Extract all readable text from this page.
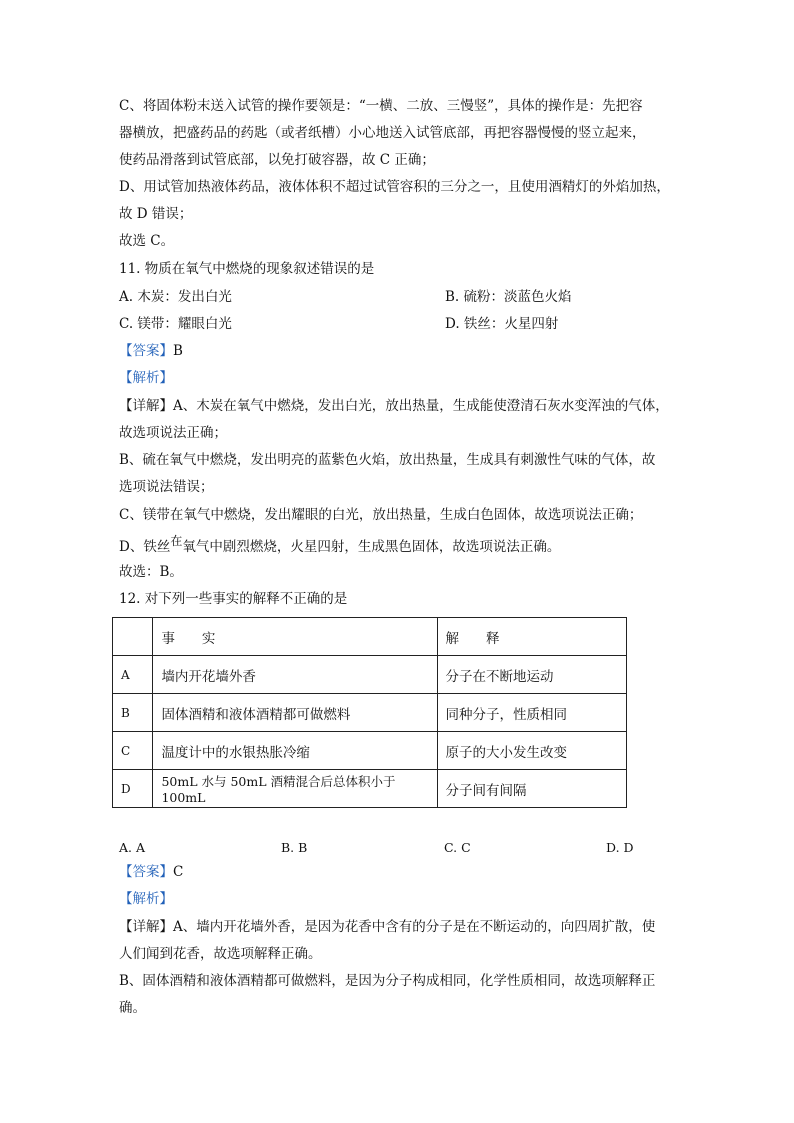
C、将固体粉末送入试管的操作要领是：“一横、二放、三慢竖”，具体的操作是：先把容
器横放，把盛药品的药匙（或者纸槽）小心地送入试管底部，再把容器慢慢的竖立起来，
使药品滑落到试管底部，以免打破容器，故 C 正确；
D、用试管加热液体药品，液体体积不超过试管容积的三分之一，且使用酒精灯的外焰加热，
故 D 错误；
故选 C。
11. 物质在氧气中燃烧的现象叙述错误的是
A. 木炭：发出白光	B. 硫粉：淡蓝色火焰
C. 镁带：耀眼白光	D. 铁丝：火星四射
【答案】B
【解析】
【详解】A、木炭在氧气中燃烧，发出白光，放出热量，生成能使澄清石灰水变浑浊的气体，
故选项说法正确；
B、硫在氧气中燃烧，发出明亮的蓝紫色火焰，放出热量，生成具有刺激性气味的气体，故
选项说法错误；
C、镁带在氧气中燃烧，发出耀眼的白光，放出热量，生成白色固体，故选项说法正确；
D、铁丝在氧气中剧烈燃烧，火星四射，生成黑色固体，故选项说法正确。
故选：B。
12. 对下列一些事实的解释不正确的是
	事　　实	解　　释
A	墙内开花墙外香	分子在不断地运动
B	固体酒精和液体酒精都可做燃料	同种分子，性质相同
C	温度计中的水银热胀冷缩	原子的大小发生改变
D	50mL 水与 50mL 酒精混合后总体积小于 100mL	分子间有间隔
A. A	B. B	C. C	D. D
【答案】C
【解析】
【详解】A、墙内开花墙外香，是因为花香中含有的分子是在不断运动的，向四周扩散，使
人们闻到花香，故选项解释正确。
B、固体酒精和液体酒精都可做燃料，是因为分子构成相同，化学性质相同，故选项解释正
确。
